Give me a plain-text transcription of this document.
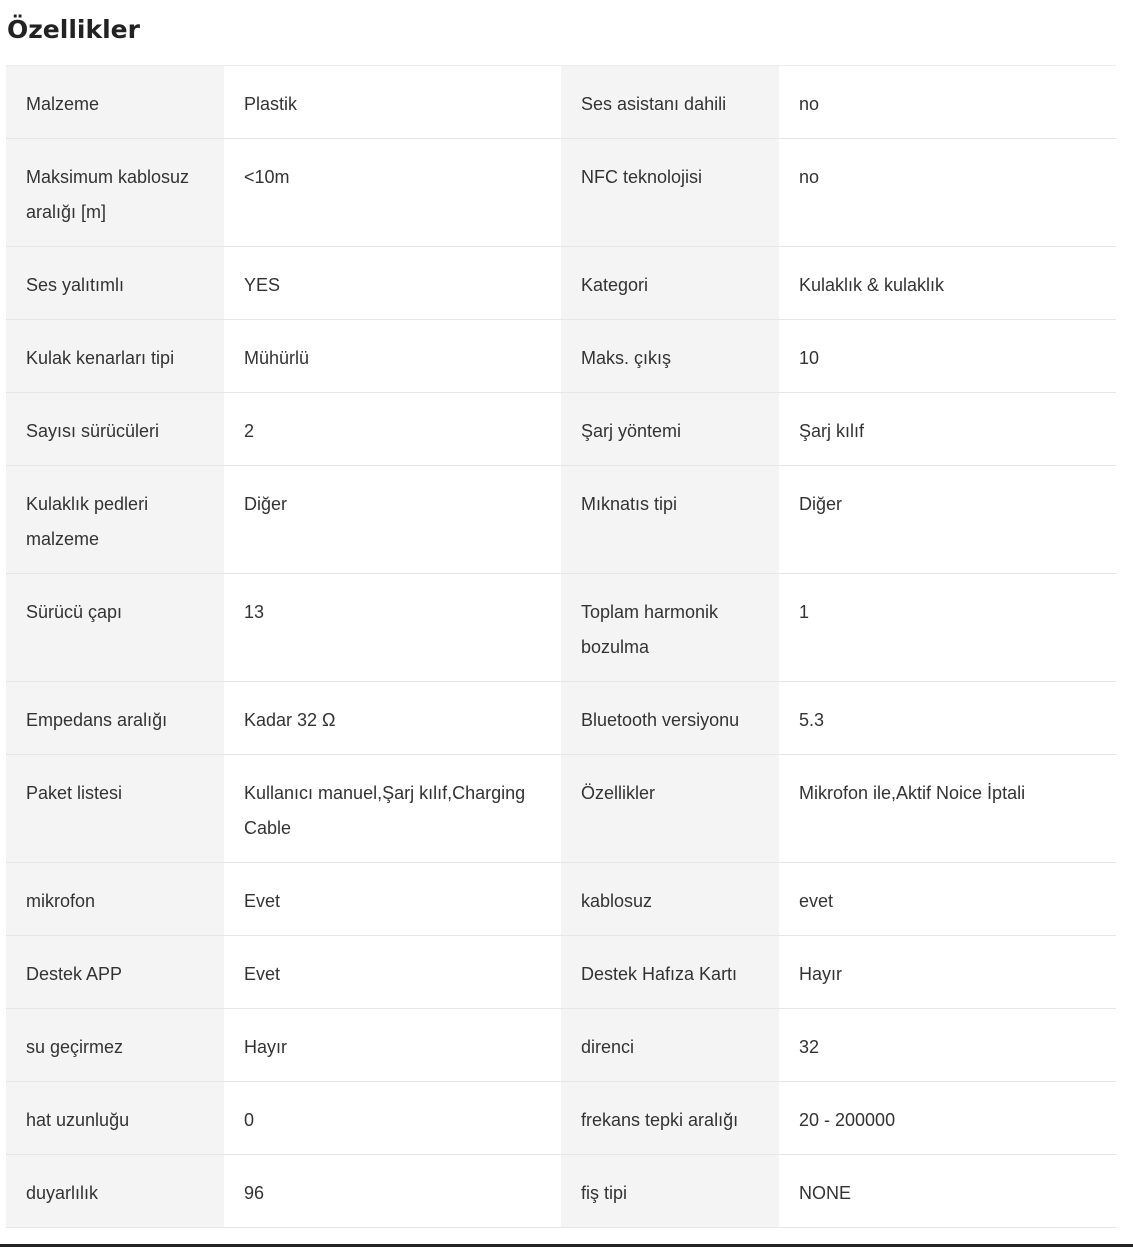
Özellikler
Malzeme	Plastik	Ses asistanı dahili	no
Maksimum kablosuz aralığı [m]	<10m	NFC teknolojisi	no
Ses yalıtımlı	YES	Kategori	Kulaklık & kulaklık
Kulak kenarları tipi	Mühürlü	Maks. çıkış	10
Sayısı sürücüleri	2	Şarj yöntemi	Şarj kılıf
Kulaklık pedleri malzeme	Diğer	Mıknatıs tipi	Diğer
Sürücü çapı	13	Toplam harmonik bozulma	1
Empedans aralığı	Kadar 32 Ω	Bluetooth versiyonu	5.3
Paket listesi	Kullanıcı manuel,Şarj kılıf,Charging Cable	Özellikler	Mikrofon ile,Aktif Noice İptali
mikrofon	Evet	kablosuz	evet
Destek APP	Evet	Destek Hafıza Kartı	Hayır
su geçirmez	Hayır	direnci	32
hat uzunluğu	0	frekans tepki aralığı	20 - 200000
duyarlılık	96	fiş tipi	NONE
